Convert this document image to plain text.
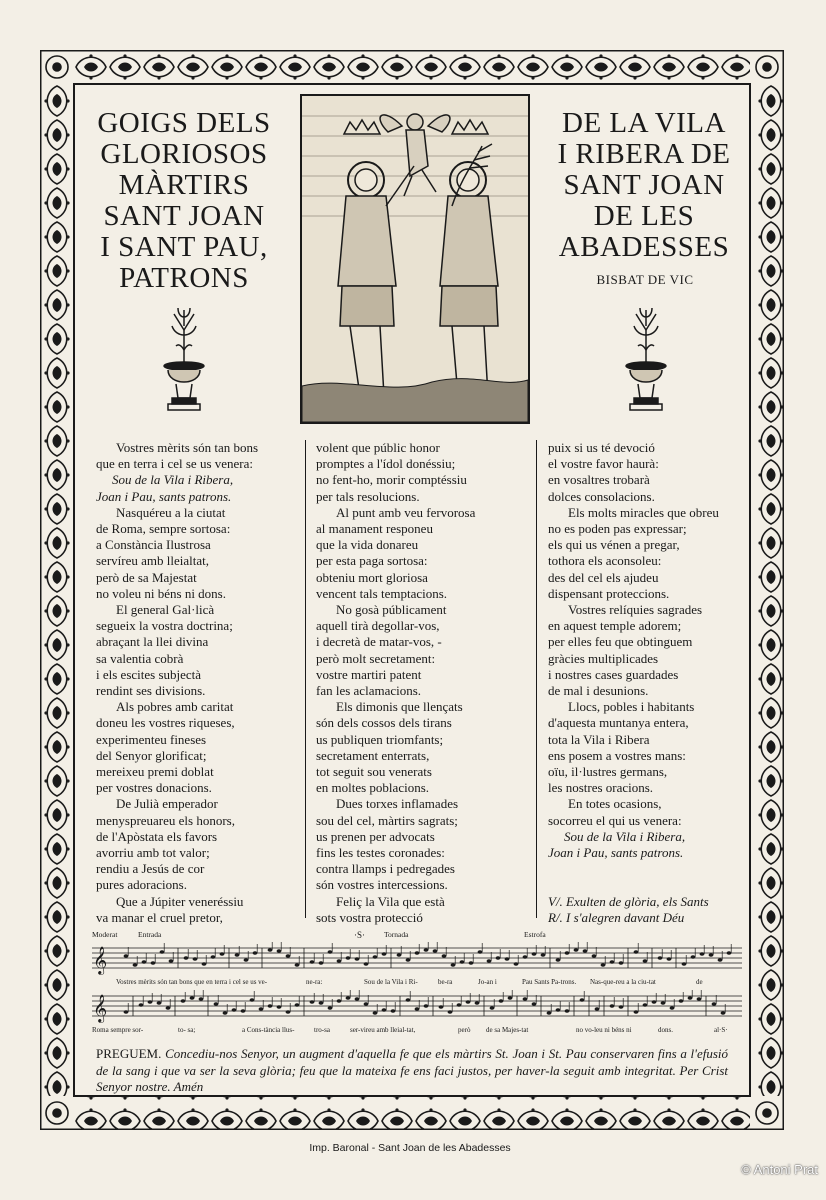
GOIGS DELS
GLORIOSOS
MÀRTIRS
SANT JOAN
I SANT PAU,
PATRONS
DE LA VILA
I RIBERA DE
SANT JOAN
DE LES
ABADESSES
BISBAT DE VIC
Vostres mèrits són tan bons
que en terra i cel se us venera:
Sou de la Vila i Ribera,
Joan i Pau, sants patrons.
Nasquéreu a la ciutat
de Roma, sempre sortosa:
a Constància Ilustrosa
servíreu amb lleialtat,
però de sa Majestat
no voleu ni béns ni dons.
El general Gal·licà
segueix la vostra doctrina;
abraçant la llei divina
sa valentia cobrà
i els escites subjectà
rendint ses divisions.
Als pobres amb caritat
doneu les vostres riqueses,
experimenteu fineses
del Senyor glorificat;
mereixeu premi doblat
per vostres donacions.
De Julià emperador
menyspreuareu els honors,
de l'Apòstata els favors
avorriu amb tot valor;
rendiu a Jesús de cor
pures adoracions.
Que a Júpiter veneréssiu
va manar el cruel pretor,
volent que públic honor
promptes a l'ídol donéssiu;
no fent-ho, morir comptéssiu
per tals resolucions.
Al punt amb veu fervorosa
al manament responeu
que la vida donareu
per esta paga sortosa:
obteniu mort gloriosa
vencent tals temptacions.
No gosà públicament
aquell tirà degollar-vos,
i decretà de matar-vos, -
però molt secretament:
vostre martiri patent
fan les aclamacions.
Els dimonis que llençats
són dels cossos dels tirans
us publiquen triomfants;
secretament enterrats,
tot seguit sou venerats
en moltes poblacions.
Dues torxes inflamades
sou del cel, màrtirs sagrats;
us prenen per advocats
fins les testes coronades:
contra llamps i pedregades
són vostres intercessions.
Feliç la Vila que està
sots vostra protecció
puix si us té devoció
el vostre favor haurà:
en vosaltres trobarà
dolces consolacions.
Els molts miracles que obreu
no es poden pas expressar;
els qui us vénen a pregar,
tothora els aconsoleu:
des del cel els ajudeu
dispensant proteccions.
Vostres relíquies sagrades
en aquest temple adorem;
per elles feu que obtinguem
gràcies multiplicades
i nostres cases guardades
de mal i desunions.
Llocs, pobles i habitants
d'aquesta muntanya entera,
tota la Vila i Ribera
ens posem a vostres mans:
oïu, il·lustres germans,
les nostres oracions.
En totes ocasions,
socorreu el qui us venera:
Sou de la Vila i Ribera,
Joan i Pau, sants patrons.

V/. Exulten de glòria, els Sants
R/. I s'alegren davant Déu
Moderat	Entrada	·S·	Tornada	Estrofa
𝄞
Vostres mèrits són tan bons que en terra i cel se us ve-	ne-ra:	Sou de la Vila i Ri-	be-ra	Jo-an i	Pau Sants Pa-trons. Nas-que-reu a la ciu-tat	de
𝄞
Roma sempre sor-	to- sa;	a Cons-tància llus-	tro-sa	ser-vireu amb lleial-tat,	però de sa Majes-tat	no vo-leu ni béns ni	dons.	al·S·
PREGUEM. Concediu-nos Senyor, un augment d'aquella fe que els màrtirs St. Joan i St. Pau conservaren fins a l'efusió de la sang i que va ser la seva glòria; feu que la mateixa fe ens faci justos, per haver-la seguit amb integritat. Per Crist Senyor nostre. Amén
Imp. Baronal - Sant Joan de les Abadesses
© Antoni Prat
